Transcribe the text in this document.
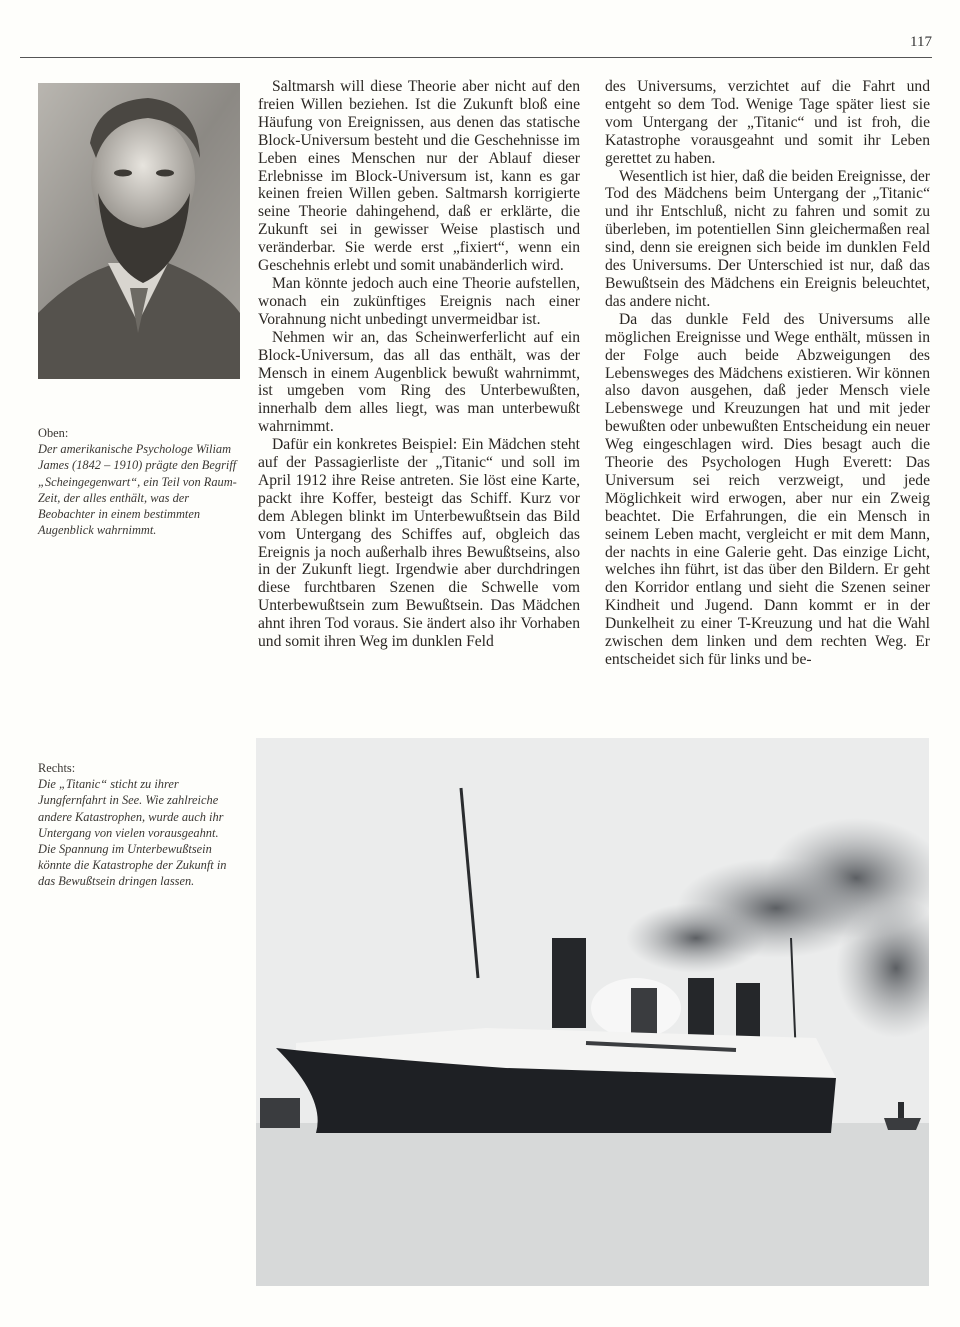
117
Oben:
Der amerikanische Psychologe Wiliam James (1842 – 1910) prägte den Begriff „Scheingegenwart“, ein Teil von Raum-Zeit, der alles enthält, was der Beobachter in einem bestimmten Augenblick wahrnimmt.
Rechts:
Die „Titanic“ sticht zu ihrer Jungfernfahrt in See. Wie zahlreiche andere Katastrophen, wurde auch ihr Untergang von vielen vorausgeahnt. Die Spannung im Unterbewußtsein könnte die Katastrophe der Zukunft in das Bewußtsein dringen lassen.

Saltmarsh will diese Theorie aber nicht auf den freien Willen beziehen. Ist die Zukunft bloß eine Häufung von Ereignissen, aus denen das statische Block-Universum besteht und die Geschehnisse im Leben eines Menschen nur der Ablauf dieser Erlebnisse im Block-Universum ist, kann es gar keinen freien Willen geben. Saltmarsh korrigierte seine Theorie dahingehend, daß er erklärte, die Zukunft sei in gewisser Weise plastisch und veränderbar. Sie werde erst „fixiert“, wenn ein Geschehnis erlebt und somit unabänderlich wird.

Man könnte jedoch auch eine Theorie aufstellen, wonach ein zukünftiges Ereignis nach einer Vorahnung nicht unbedingt unvermeidbar ist.

Nehmen wir an, das Scheinwerferlicht auf ein Block-Universum, das all das enthält, was der Mensch in einem Augenblick bewußt wahrnimmt, ist umgeben vom Ring des Unterbewußten, innerhalb dem alles liegt, was man unterbewußt wahrnimmt.

Dafür ein konkretes Beispiel: Ein Mädchen steht auf der Passagierliste der „Titanic“ und soll im April 1912 ihre Reise antreten. Sie löst eine Karte, packt ihre Koffer, besteigt das Schiff. Kurz vor dem Ablegen blinkt im Unterbewußtsein das Bild vom Untergang des Schiffes auf, obgleich das Ereignis ja noch außerhalb ihres Bewußtseins, also in der Zukunft liegt. Irgendwie aber durchdringen diese furchtbaren Szenen die Schwelle vom Unterbewußtsein zum Bewußtsein. Das Mädchen ahnt ihren Tod voraus. Sie ändert also ihr Vorhaben und somit ihren Weg im dunklen Feld

des Universums, verzichtet auf die Fahrt und entgeht so dem Tod. Wenige Tage später liest sie vom Untergang der „Titanic“ und ist froh, die Katastrophe vorausgeahnt und somit ihr Leben gerettet zu haben.

Wesentlich ist hier, daß die beiden Ereignisse, der Tod des Mädchens beim Untergang der „Titanic“ und ihr Entschluß, nicht zu fahren und somit zu überleben, im potentiellen Sinn gleichermaßen real sind, denn sie ereignen sich beide im dunklen Feld des Universums. Der Unterschied ist nur, daß das Bewußtsein des Mädchens ein Ereignis beleuchtet, das andere nicht.

Da das dunkle Feld des Universums alle möglichen Ereignisse und Wege enthält, müssen in der Folge auch beide Abzweigungen des Lebensweges des Mädchens existieren. Wir können also davon ausgehen, daß jeder Mensch viele Lebenswege und Kreuzungen hat und mit jeder bewußten oder unbewußten Entscheidung ein neuer Weg eingeschlagen wird. Dies besagt auch die Theorie des Psychologen Hugh Everett: Das Universum sei reich verzweigt, und jede Möglichkeit wird erwogen, aber nur ein Zweig beachtet. Die Erfahrungen, die ein Mensch in seinem Leben macht, vergleicht er mit dem Mann, der nachts in eine Galerie geht. Das einzige Licht, welches ihn führt, ist das über den Bildern. Er geht den Korridor entlang und sieht die Szenen seiner Kindheit und Jugend. Dann kommt er in der Dunkelheit zu einer T-Kreuzung und hat die Wahl zwischen dem linken und dem rechten Weg. Er entscheidet sich für links und be-
